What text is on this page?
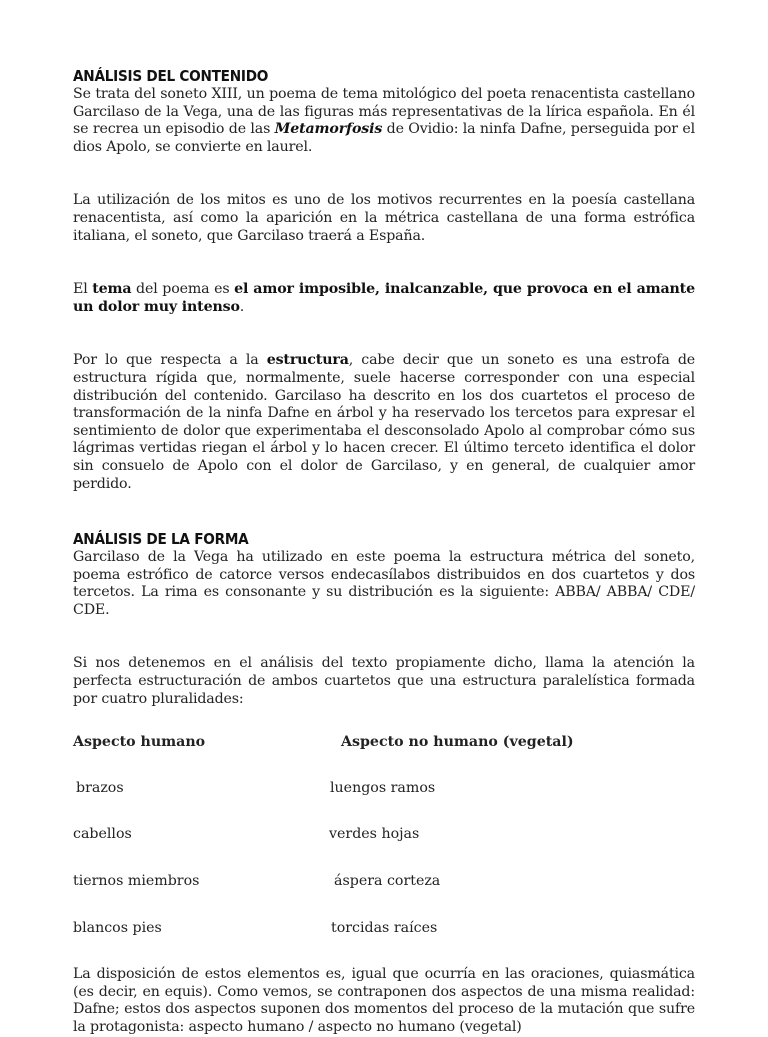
ANÁLISIS DEL CONTENIDO

Se trata del soneto XIII, un poema de tema mitológico del poeta renacentista castellano Garcilaso de la Vega, una de las figuras más representativas de la lírica española. En él se recrea un episodio de las Metamorfosis de Ovidio: la ninfa Dafne, perseguida por el dios Apolo, se convierte en laurel.

La utilización de los mitos es uno de los motivos recurrentes en la poesía castellana renacentista, así como la aparición en la métrica castellana de una forma estrófica italiana, el soneto, que Garcilaso traerá a España.

El tema del poema es el amor imposible, inalcanzable, que provoca en el amante un dolor muy intenso.

Por lo que respecta a la estructura, cabe decir que un soneto es una estrofa de estructura rígida que, normalmente, suele hacerse corresponder con una especial distribución del contenido. Garcilaso ha descrito en los dos cuartetos el proceso de transformación de la ninfa Dafne en árbol y ha reservado los tercetos para expresar el sentimiento de dolor que experimentaba el desconsolado Apolo al comprobar cómo sus lágrimas vertidas riegan el árbol y lo hacen crecer. El último terceto identifica el dolor sin consuelo de Apolo con el dolor de Garcilaso, y en general, de cualquier amor perdido.

ANÁLISIS DE LA FORMA

Garcilaso de la Vega ha utilizado en este poema la estructura métrica del soneto, poema estrófico de catorce versos endecasílabos distribuidos en dos cuartetos y dos tercetos. La rima es consonante y su distribución es la siguiente: ABBA/ ABBA/ CDE/ CDE.

Si nos detenemos en el análisis del texto propiamente dicho, llama la atención la perfecta estructuración de ambos cuartetos que una estructura paralelística formada por cuatro pluralidades:

Aspecto humano	Aspecto no humano (vegetal)
brazos	luengos ramos
cabellos	verdes hojas
tiernos miembros	áspera corteza
blancos pies	torcidas raíces

La disposición de estos elementos es, igual que ocurría en las oraciones, quiasmática (es decir, en equis). Como vemos, se contraponen dos aspectos de una misma realidad: Dafne; estos dos aspectos suponen dos momentos del proceso de la mutación que sufre la protagonista: aspecto humano / aspecto no humano (vegetal)
